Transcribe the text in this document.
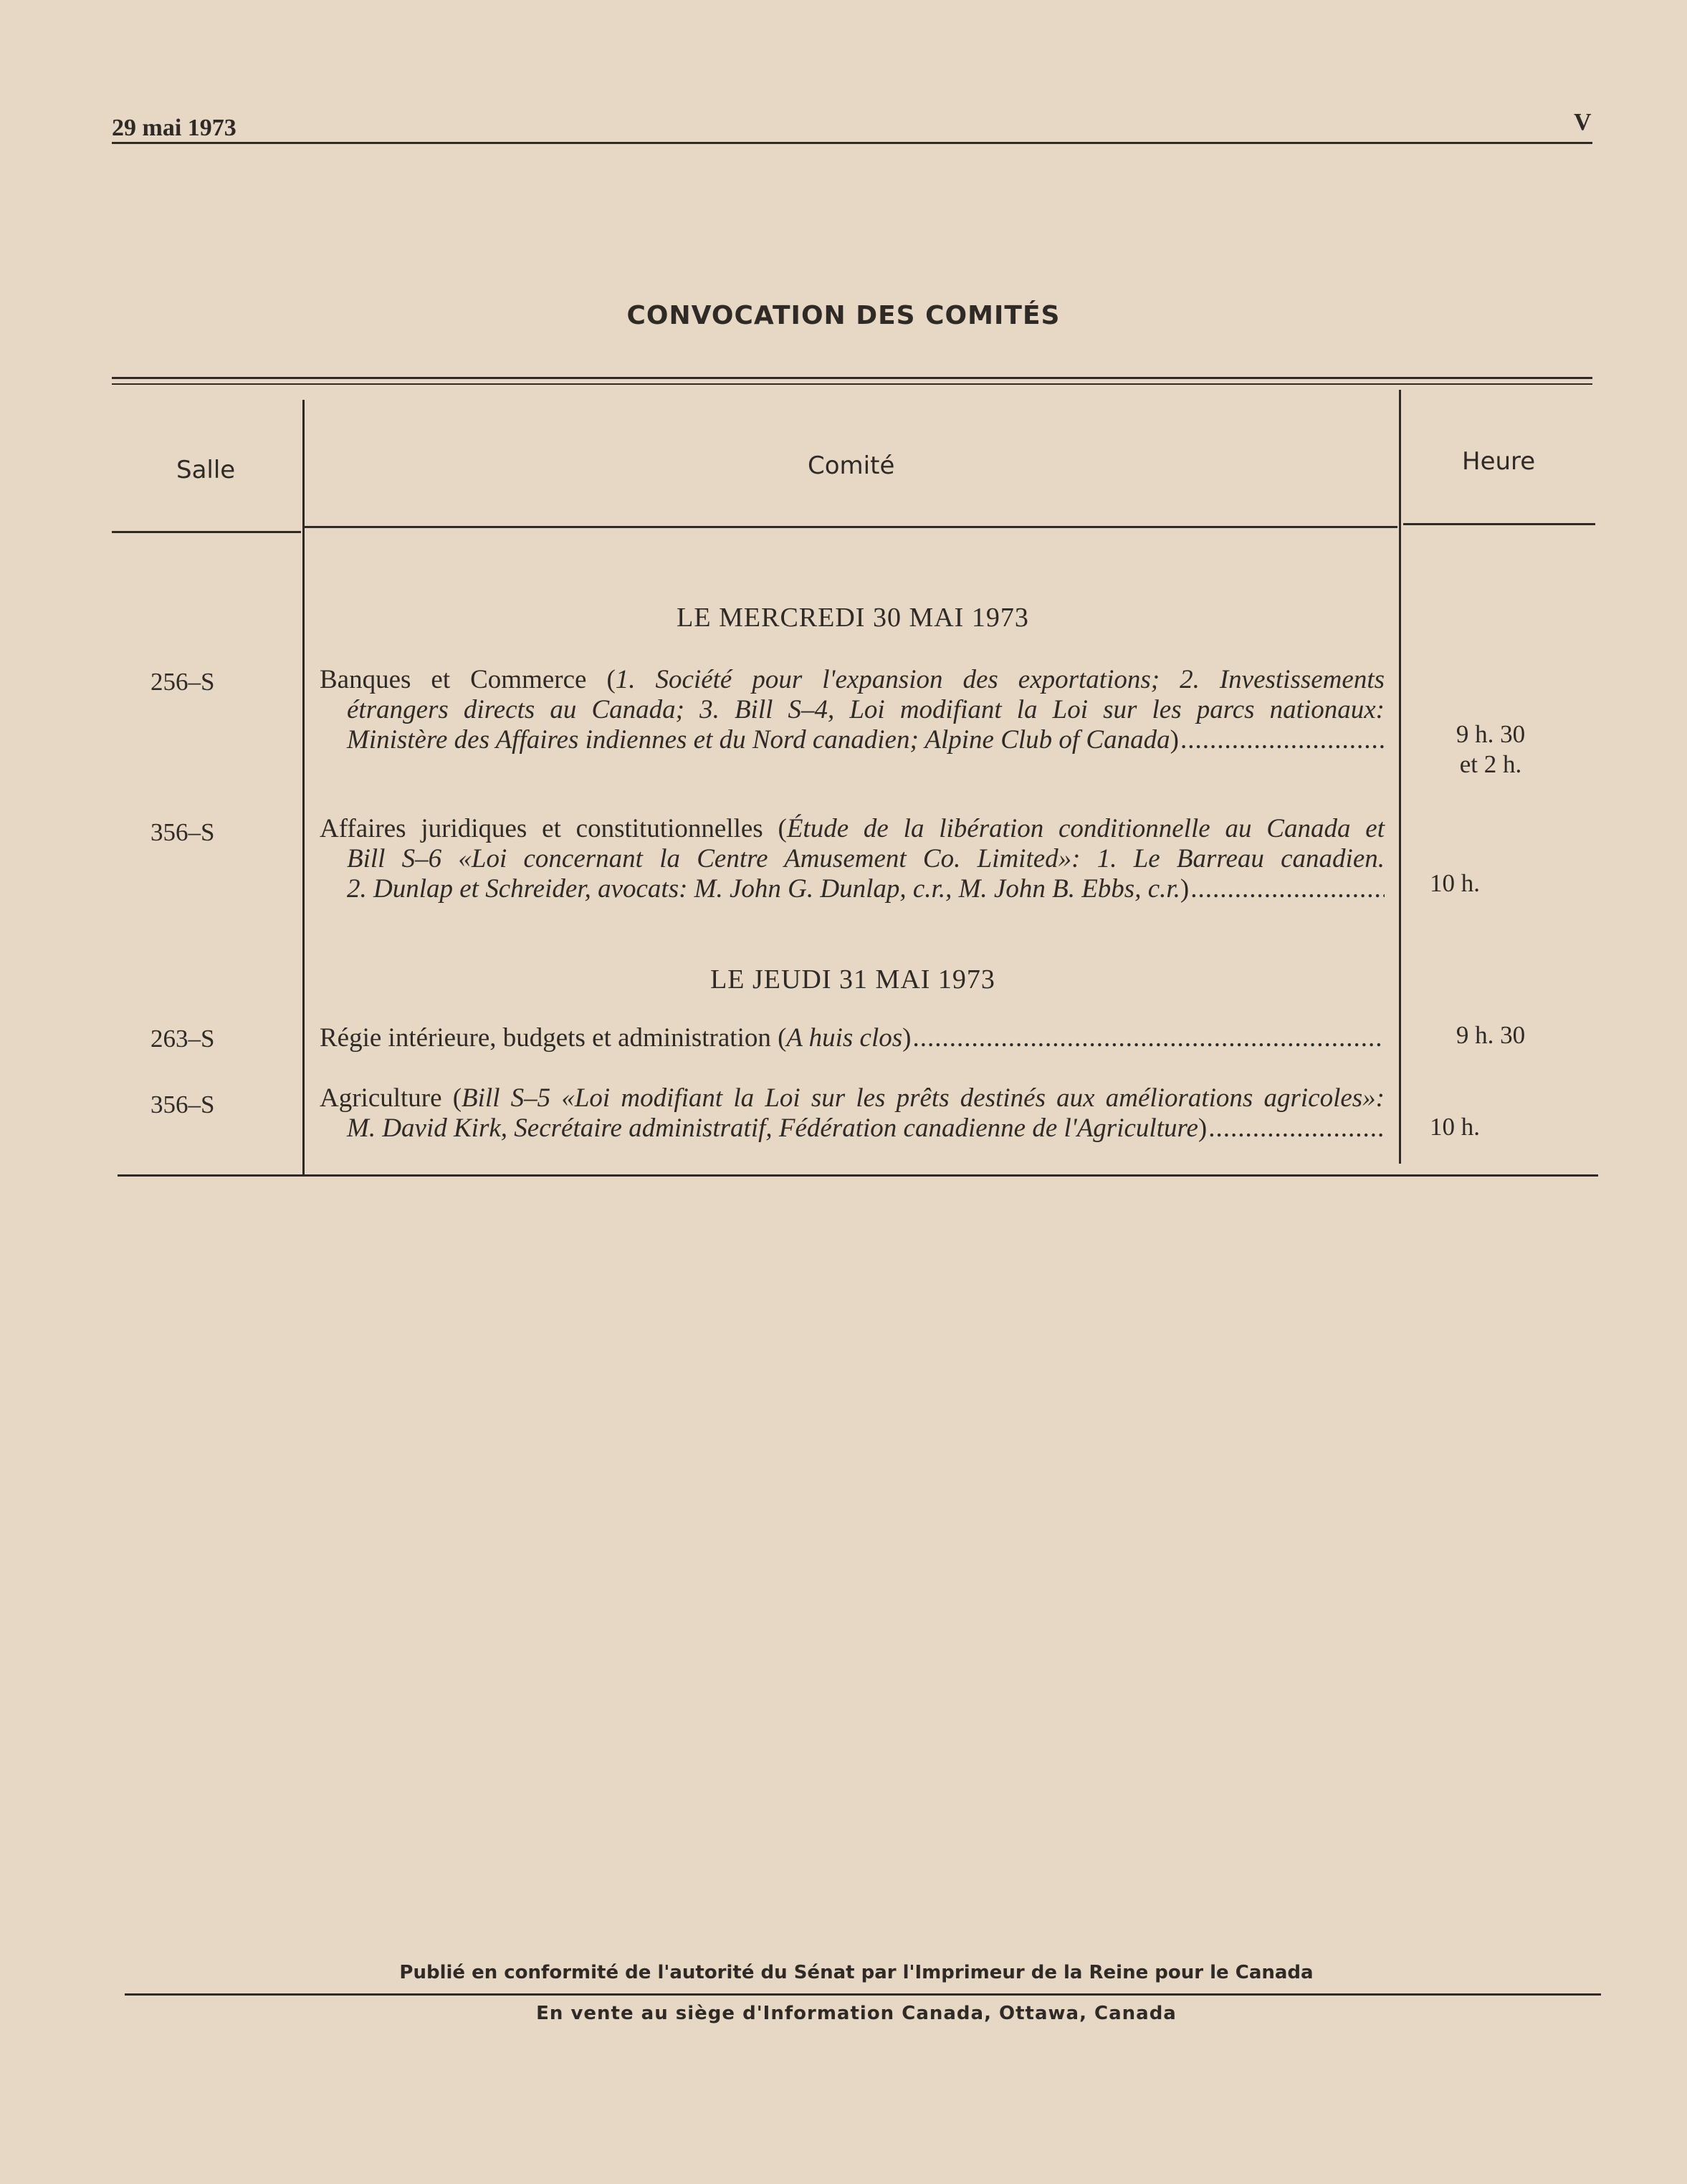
29 mai 1973	V
CONVOCATION DES COMITÉS
Salle	Comité	Heure
LE MERCREDI 30 MAI 1973
256–S	Banques et Commerce (1. Société pour l'expansion des exportations; 2. Investissements
étrangers directs au Canada; 3. Bill S–4, Loi modifiant la Loi sur les parcs nationaux:
Ministère des Affaires indiennes et du Nord canadien; Alpine Club of Canada) .....	9 h. 30
et 2 h.
356–S	Affaires juridiques et constitutionnelles (Étude de la libération conditionnelle au Canada et
Bill S–6 «Loi concernant la Centre Amusement Co. Limited»: 1. Le Barreau canadien.
2. Dunlap et Schreider, avocats: M. John G. Dunlap, c.r., M. John B. Ebbs, c.r.) .....	10 h.
LE JEUDI 31 MAI 1973
263–S	Régie intérieure, budgets et administration (A huis clos) .....	9 h. 30
356–S	Agriculture (Bill S–5 «Loi modifiant la Loi sur les prêts destinés aux améliorations agricoles»:
M. David Kirk, Secrétaire administratif, Fédération canadienne de l'Agriculture) .....	10 h.
Publié en conformité de l'autorité du Sénat par l'Imprimeur de la Reine pour le Canada
En vente au siège d'Information Canada, Ottawa, Canada
